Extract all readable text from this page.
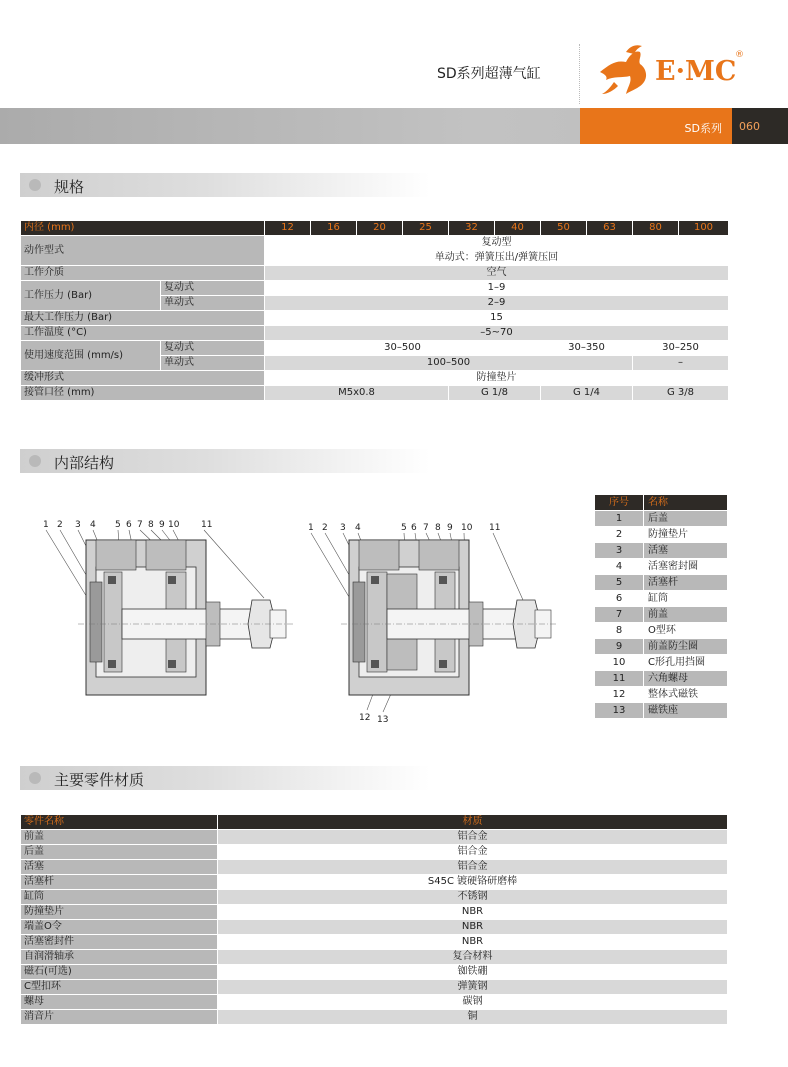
SD系列超薄气缸	E·MC
®
SD系列 060
规格
内径 (mm)		12	16	20	25	32	40	50	63	80	100
动作型式		复动型									
		单动式：弹簧压出/弹簧压回									
工作介质		空气									
工作压力 (Bar)	复动式	1–9									
	单动式	2–9									
最大工作压力 (Bar)		15									
工作温度 (°C)		–5~70									
使用速度范围 (mm/s)	复动式	30–500						30–350		30–250	
	单动式	100–500								–	
缓冲形式		防撞垫片									
接管口径 (mm)		M5x0.8				G 1/8		G 1/4		G 3/8	
内部结构
1 2 3 4 5 6 7 8 9 10 11	1 2 3 4	5 6 7 8 9 10 11
12 13
序号	名称
1	后盖
2	防撞垫片
3	活塞
4	活塞密封圈
5	活塞杆
6	缸筒
7	前盖
8	O型环
9	前盖防尘圈
10	C形孔用挡圈
11	六角螺母
12	整体式磁铁
13	磁铁座
主要零件材质
零件名称	材质
前盖	铝合金
后盖	铝合金
活塞	铝合金
活塞杆	S45C 镀硬铬研磨棒
缸筒	不锈钢
防撞垫片	NBR
端盖O令	NBR
活塞密封件	NBR
自润滑轴承	复合材料
磁石(可选)	铷铁硼
C型扣环	弹簧钢
螺母	碳钢
消音片	铜
